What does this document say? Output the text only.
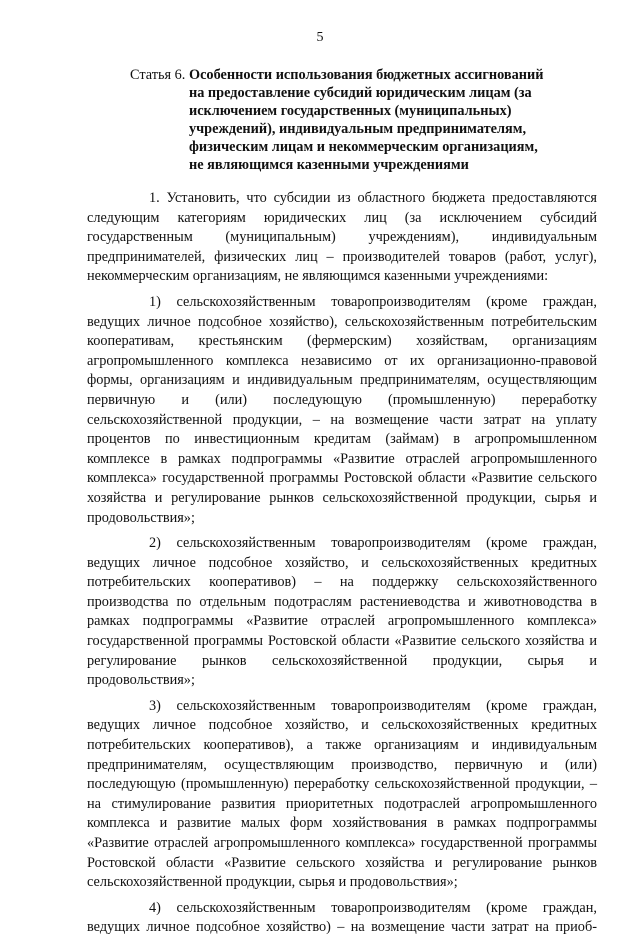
5
Статья 6. Особенности использования бюджетных ассигнований
на предоставление субсидий юридическим лицам (за
исключением государственных (муниципальных)
учреждений), индивидуальным предпринимателям,
физическим лицам и некоммерческим организациям,
не являющимся казенными учреждениями

1. Установить, что субсидии из областного бюджета предоставляются следующим категориям юридических лиц (за исключением субсидий государственным (муниципальным) учреждениям), индивидуальным предпринимателей, физических лиц – производителей товаров (работ, услуг), некоммерческим организациям, не являющимся казенными учреждениями:

1) сельскохозяйственным товаропроизводителям (кроме граждан, ведущих личное подсобное хозяйство), сельскохозяйственным потребительским кооперативам, крестьянским (фермерским) хозяйствам, организациям агропромышленного комплекса независимо от их организационно-правовой формы, организациям и индивидуальным предпринимателям, осуществляющим первичную и (или) последующую (промышленную) переработку сельскохозяйственной продукции, – на возмещение части затрат на уплату процентов по инвестиционным кредитам (займам) в агропромышленном комплексе в рамках подпрограммы «Развитие отраслей агропромышленного комплекса» государственной программы Ростовской области «Развитие сельского хозяйства и регулирование рынков сельскохозяйственной продукции, сырья и продовольствия»;

2) сельскохозяйственным товаропроизводителям (кроме граждан, ведущих личное подсобное хозяйство, и сельскохозяйственных кредитных потребительских кооперативов) – на поддержку сельскохозяйственного производства по отдельным подотраслям растениеводства и животноводства в рамках подпрограммы «Развитие отраслей агропромышленного комплекса» государственной программы Ростовской области «Развитие сельского хозяйства и регулирование рынков сельскохозяйственной продукции, сырья и продовольствия»;

3) сельскохозяйственным товаропроизводителям (кроме граждан, ведущих личное подсобное хозяйство, и сельскохозяйственных кредитных потребительских кооперативов), а также организациям и индивидуальным предпринимателям, осуществляющим производство, первичную и (или) последующую (промышленную) переработку сельскохозяйственной продукции, – на стимулирование развития приоритетных подотраслей агропромышленного комплекса и развитие малых форм хозяйствования в рамках подпрограммы «Развитие отраслей агропромышленного комплекса» государственной программы Ростовской области «Развитие сельского хозяйства и регулирование рынков сельскохозяйственной продукции, сырья и продовольствия»;

4) сельскохозяйственным товаропроизводителям (кроме граждан, ведущих личное подсобное хозяйство) – на возмещение части затрат на приоб-
